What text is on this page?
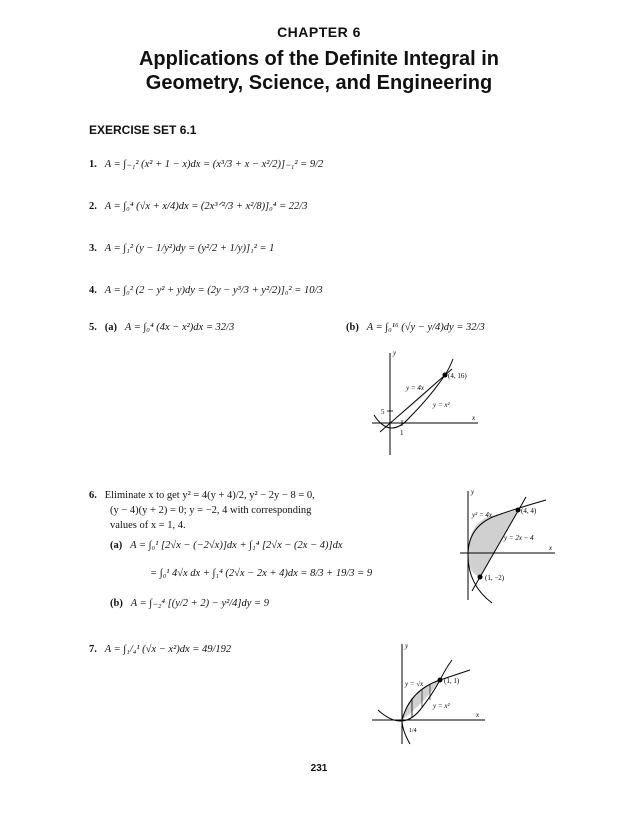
CHAPTER 6
Applications of the Definite Integral in
Geometry, Science, and Engineering
EXERCISE SET 6.1
1. A = ∫₋₁² (x² + 1 − x)dx = (x³/3 + x − x²/2)]₋₁² = 9/2
2. A = ∫₀⁴ (√x + x/4)dx = (2x³ᐟ²/3 + x²/8)]₀⁴ = 22/3
3. A = ∫₁² (y − 1/y²)dy = (y²/2 + 1/y)]₁² = 1
4. A = ∫₀² (2 − y² + y)dy = (2y − y³/3 + y²/2)]₀² = 10/3
5. (a) A = ∫₀⁴ (4x − x²)dx = 32/3	(b) A = ∫₀¹⁶ (√y − y/4)dy = 32/3
y
x
(4, 16)
y = 4x
y = x²
5
1
6. Eliminate x to get y² = 4(y + 4)/2, y² − 2y − 8 = 0,
(y − 4)(y + 2) = 0; y = −2, 4 with corresponding
values of x = 1, 4.
(a) A = ∫₀¹ [2√x − (−2√x)]dx + ∫₁⁴ [2√x − (2x − 4)]dx
= ∫₀¹ 4√x dx + ∫₁⁴ (2√x − 2x + 4)dx = 8/3 + 19/3 = 9
(b) A = ∫₋₂⁴ [(y/2 + 2) − y²/4]dy = 9
y
x
(4, 4)
(1, −2)
y² = 4x
y = 2x − 4
7. A = ∫₁/₄¹ (√x − x²)dx = 49/192	y
x
(1, 1)
y = √x
y = x²
1/4
231
